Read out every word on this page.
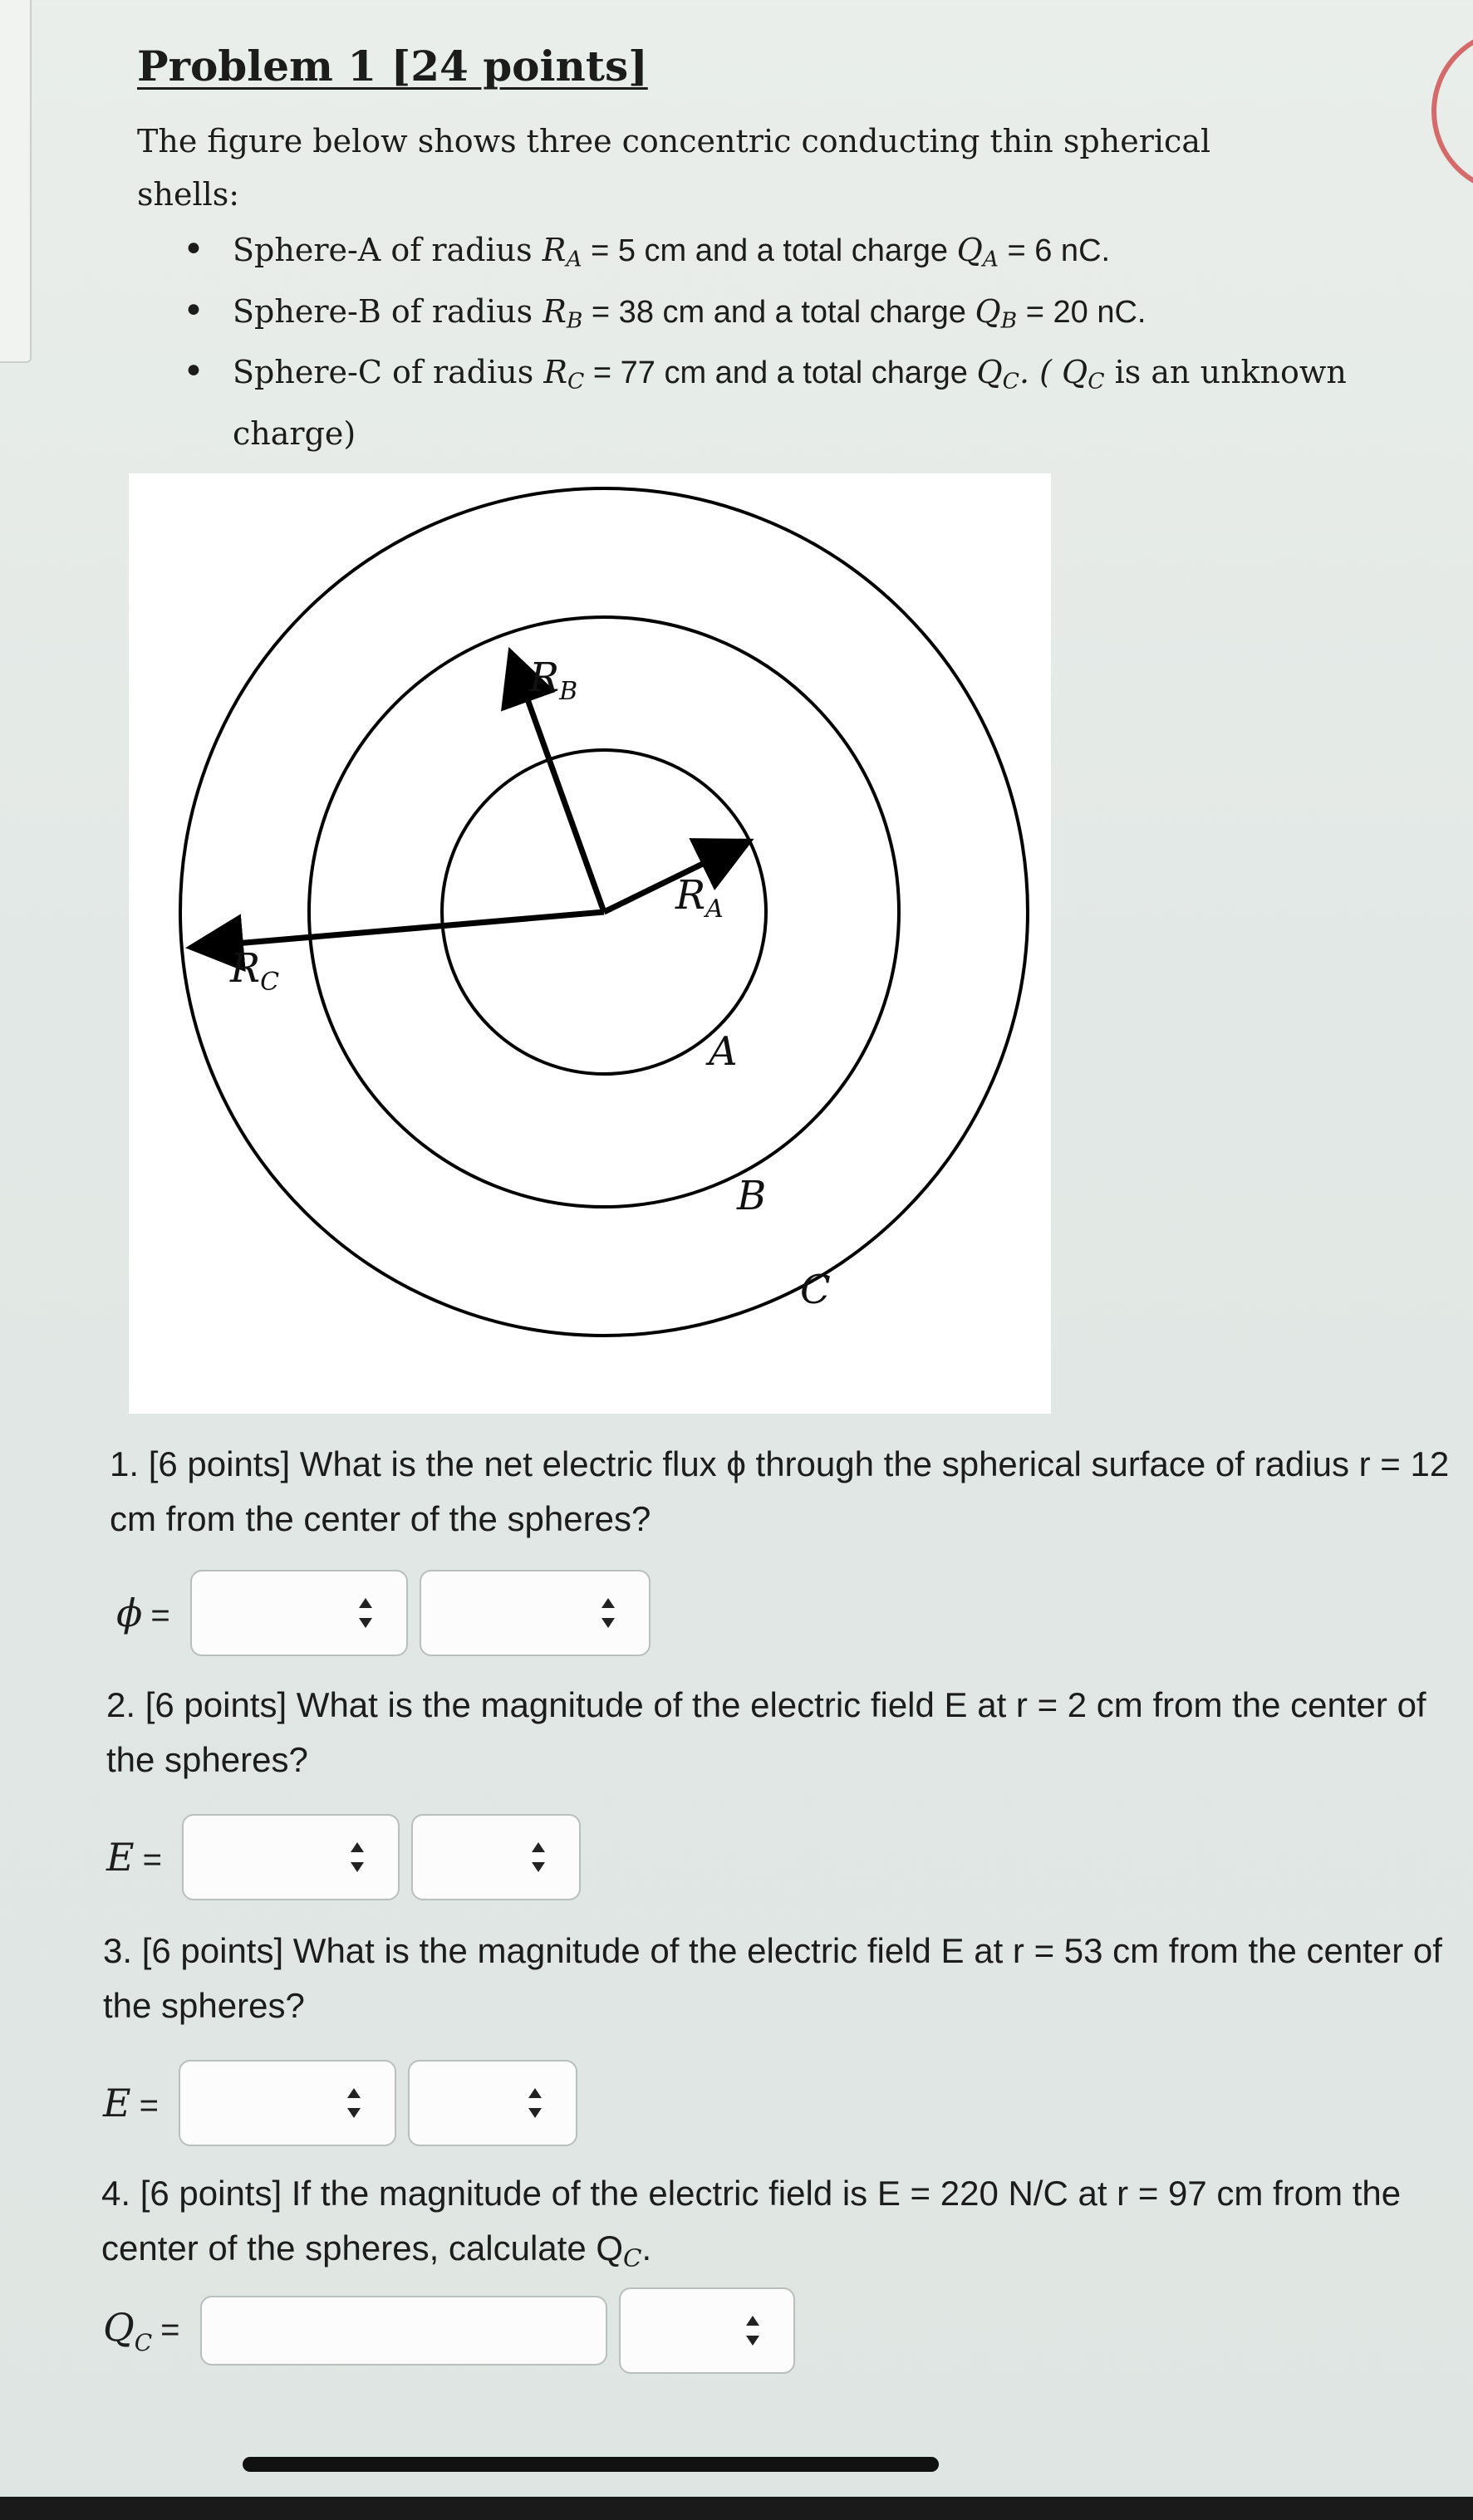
Problem 1 [24 points]
The figure below shows three concentric conducting thin spherical shells:
• Sphere-A of radius $R_A = 5$ cm and a total charge $Q_A = 6$ nC.
• Sphere-B of radius $R_B = 38$ cm and a total charge $Q_B = 20$ nC.
• Sphere-C of radius $R_C = 77$ cm and a total charge $Q_C$. ( $Q_C$ is an unknown charge)
$R_B$
$R_A$
$R_C$
A
B
C
1. [6 points] What is the net electric flux ϕ through the spherical surface of radius r = 12 cm from the center of the spheres?
ϕ =
2. [6 points] What is the magnitude of the electric field E at r = 2 cm from the center of the spheres?
E =
3. [6 points] What is the magnitude of the electric field E at r = 53 cm from the center of the spheres?
E =
4. [6 points] If the magnitude of the electric field is E = 220 N/C at r = 97 cm from the center of the spheres, calculate $Q_C$.
$Q_C$ =
